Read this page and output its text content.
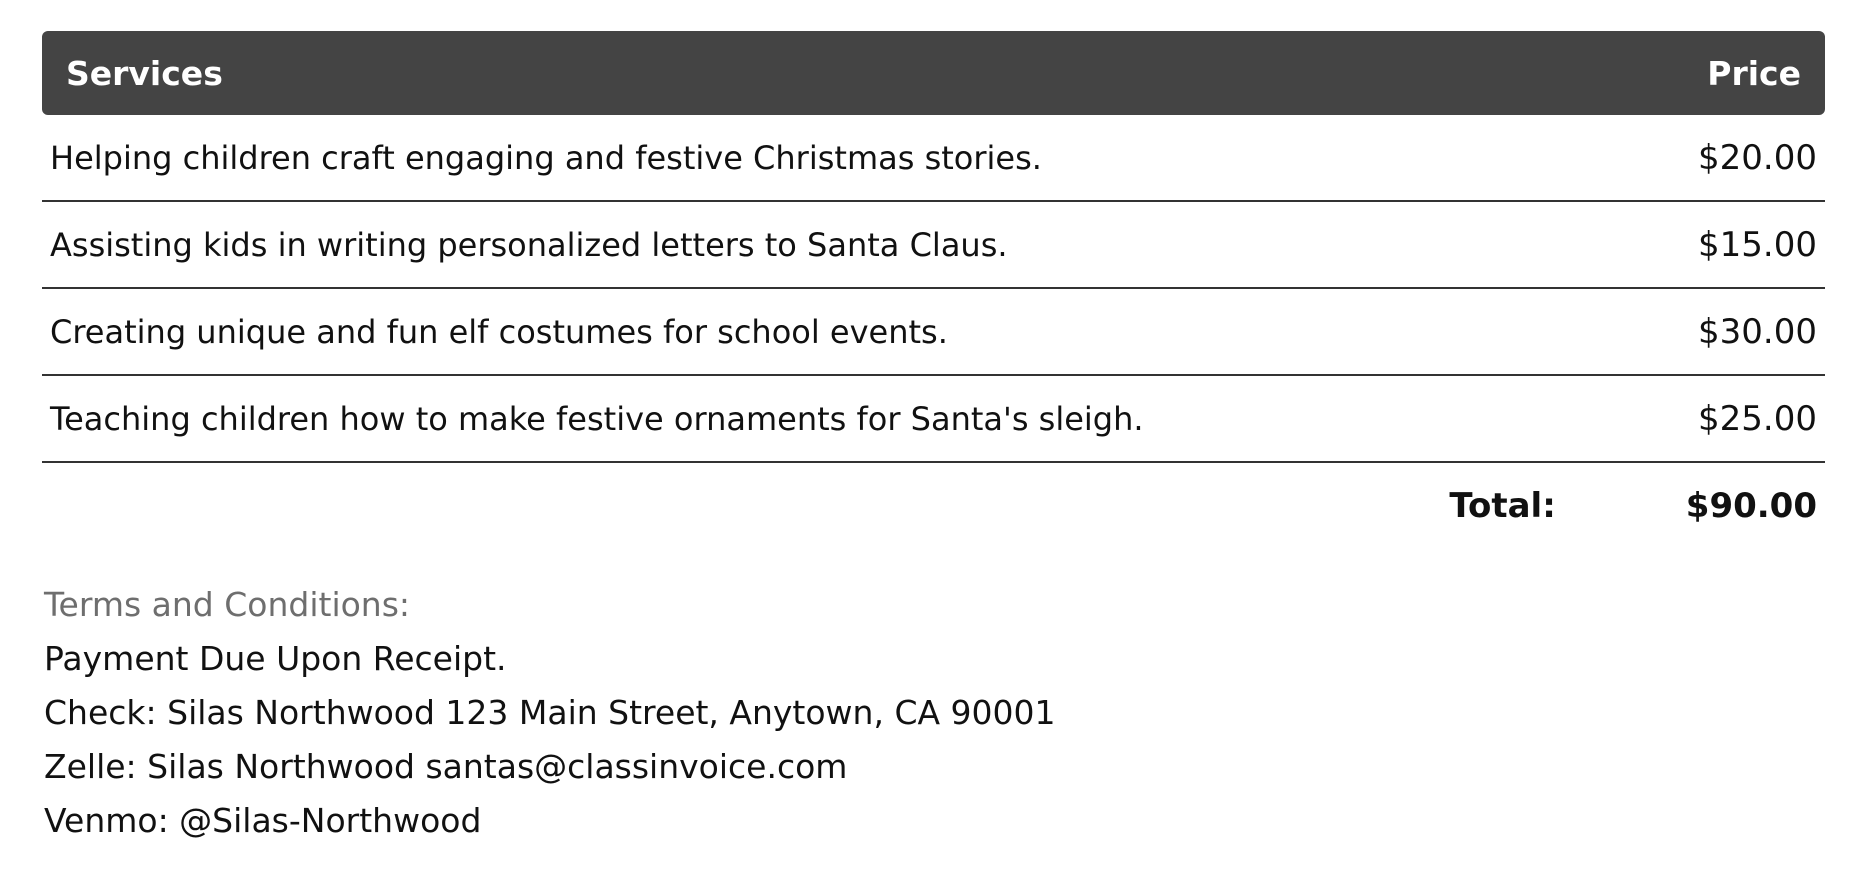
Services	Price
Helping children craft engaging and festive Christmas stories.	$20.00
Assisting kids in writing personalized letters to Santa Claus.	$15.00
Creating unique and fun elf costumes for school events.	$30.00
Teaching children how to make festive ornaments for Santa's sleigh.	$25.00
Total:	$90.00
Terms and Conditions:
Payment Due Upon Receipt.
Check: Silas Northwood 123 Main Street, Anytown, CA 90001
Zelle: Silas Northwood santas@classinvoice.com
Venmo: @Silas-Northwood
